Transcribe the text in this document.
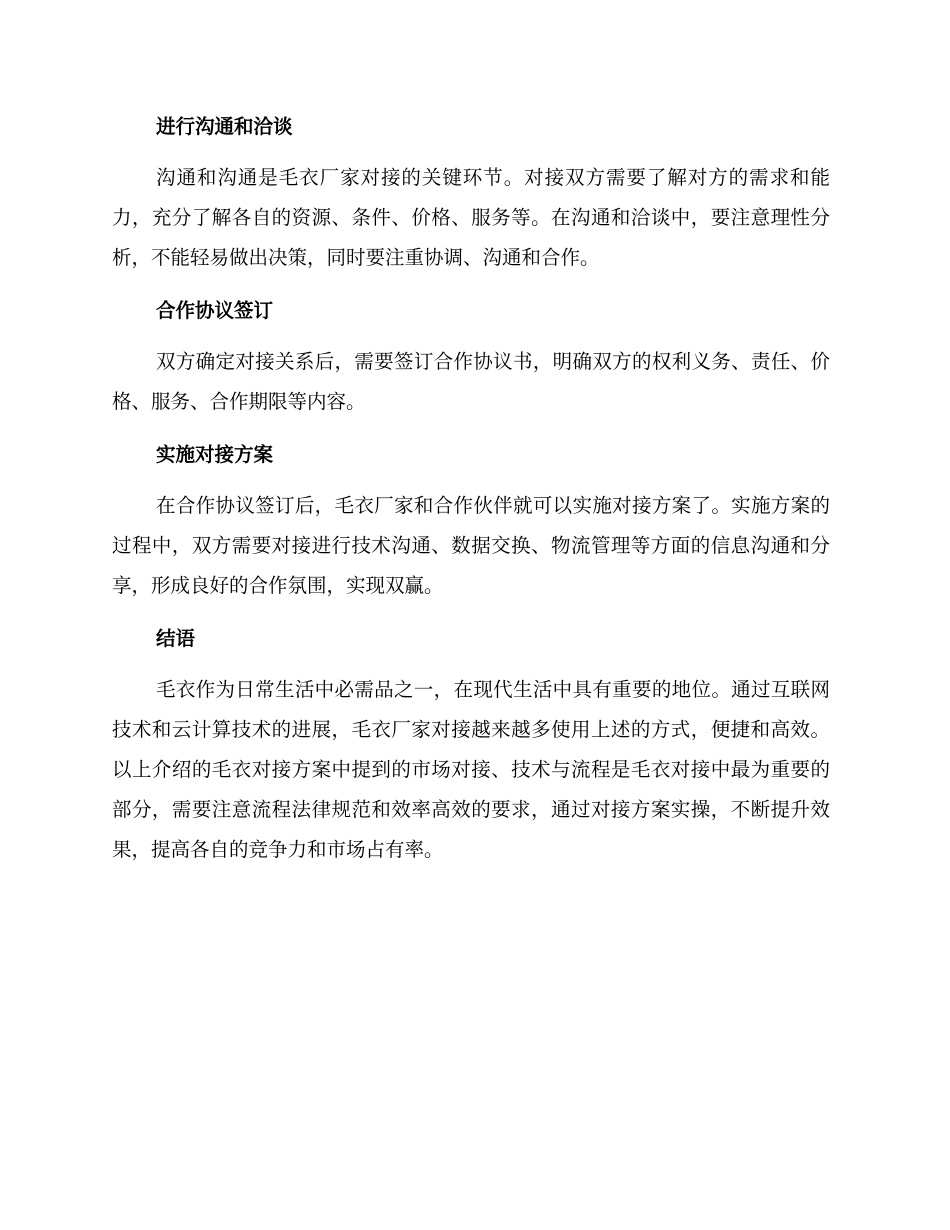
进行沟通和洽谈

沟通和沟通是毛衣厂家对接的关键环节。对接双方需要了解对方的需求和能力，充分了解各自的资源、条件、价格、服务等。在沟通和洽谈中，要注意理性分析，不能轻易做出决策，同时要注重协调、沟通和合作。

合作协议签订

双方确定对接关系后，需要签订合作协议书，明确双方的权利义务、责任、价格、服务、合作期限等内容。

实施对接方案

在合作协议签订后，毛衣厂家和合作伙伴就可以实施对接方案了。实施方案的过程中，双方需要对接进行技术沟通、数据交换、物流管理等方面的信息沟通和分享，形成良好的合作氛围，实现双赢。

结语

毛衣作为日常生活中必需品之一，在现代生活中具有重要的地位。通过互联网技术和云计算技术的进展，毛衣厂家对接越来越多使用上述的方式，便捷和高效。以上介绍的毛衣对接方案中提到的市场对接、技术与流程是毛衣对接中最为重要的部分，需要注意流程法律规范和效率高效的要求，通过对接方案实操，不断提升效果，提高各自的竞争力和市场占有率。
